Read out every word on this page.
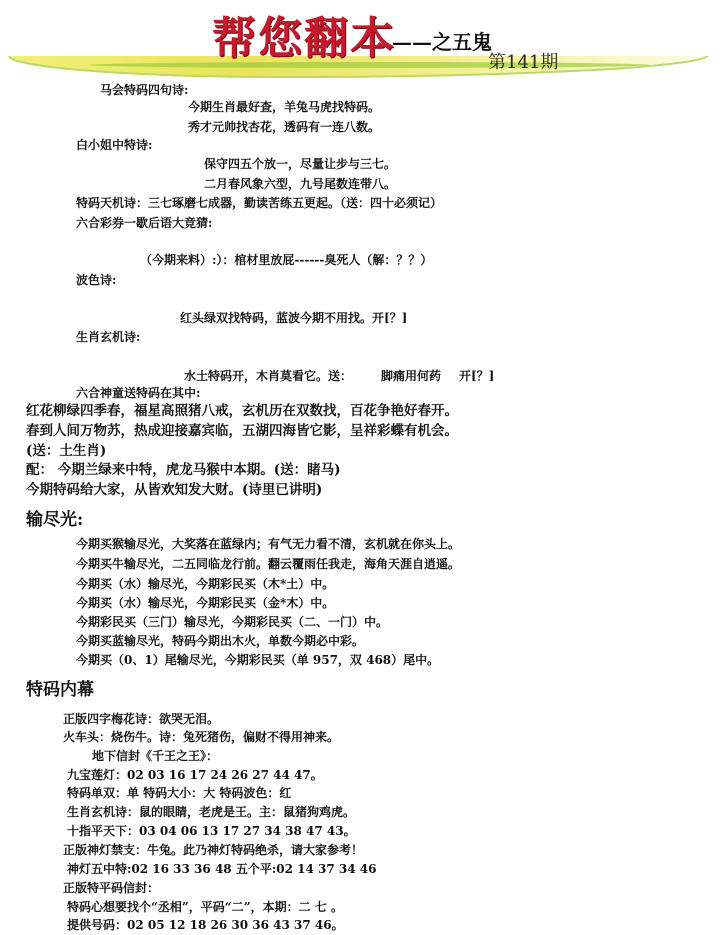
帮您翻本
——之五鬼
第141期
马会特码四句诗:
今期生肖最好查，羊兔马虎找特码。
秀才元帅找杏花，透码有一连八数。
白小姐中特诗:
保守四五个放一，尽量让步与三七。
二月春风象六型，九号尾数连带八。
特码天机诗：三七琢磨七成器，勤读苦练五更起。（送：四十必须记）
六合彩券一歇后语大竞猜:
（今期来料）:）：棺材里放屁------臭死人（解：？？）
波色诗:
红头绿双找特码，蓝波今期不用找。开[？]
生肖玄机诗:
水土特码开，木肖莫看它。送： 脚痛用何药 开[？]
六合神童送特码在其中:
红花柳绿四季春，福星高照猪八戒，玄机历在双数找，百花争艳好春开。
春到人间万物苏，热成迎接嘉宾临，五湖四海皆它影，呈祥彩蝶有机会。
(送：土生肖)
配： 今期兰绿来中特，虎龙马猴中本期。(送：睹马)
今期特码给大家，从皆欢知发大财。(诗里已讲明)
输尽光:
今期买猴输尽光，大奖落在蓝绿内；有气无力看不清，玄机就在你头上。
今期买牛输尽光，二五同临龙行前。翻云覆雨任我走，海角天涯自逍遥。
今期买（水）输尽光，今期彩民买（木*土）中。
今期买（水）输尽光，今期彩民买（金*木）中。
今期彩民买（三门）输尽光，今期彩民买（二、一门）中。
今期买蓝输尽光，特码今期出木火，单数今期必中彩。
今期买（0、1）尾输尽光，今期彩民买（单 957，双 468）尾中。
特码内幕
正版四字梅花诗：欲哭无泪。
火车头：烧伤牛。诗：兔死猪伤，偏财不得用神来。
地下信封《千王之王》：
九宝莲灯：02 03 16 17 24 26 27 44 47。
特码单双：单 特码大小：大 特码波色：红
生肖玄机诗：鼠的眼睛，老虎是王。主：鼠猪狗鸡虎。
十指平天下：03 04 06 13 17 27 34 38 47 43。
正版神灯禁支：牛兔。此乃神灯特码绝杀，请大家参考！
神灯五中特:02 16 33 36 48 五个平:02 14 37 34 46
正版特平码信封：
特码心想要找个“丞相”，平码“二”，本期：二 七 。
提供号码：02 05 12 18 26 30 36 43 37 46。
